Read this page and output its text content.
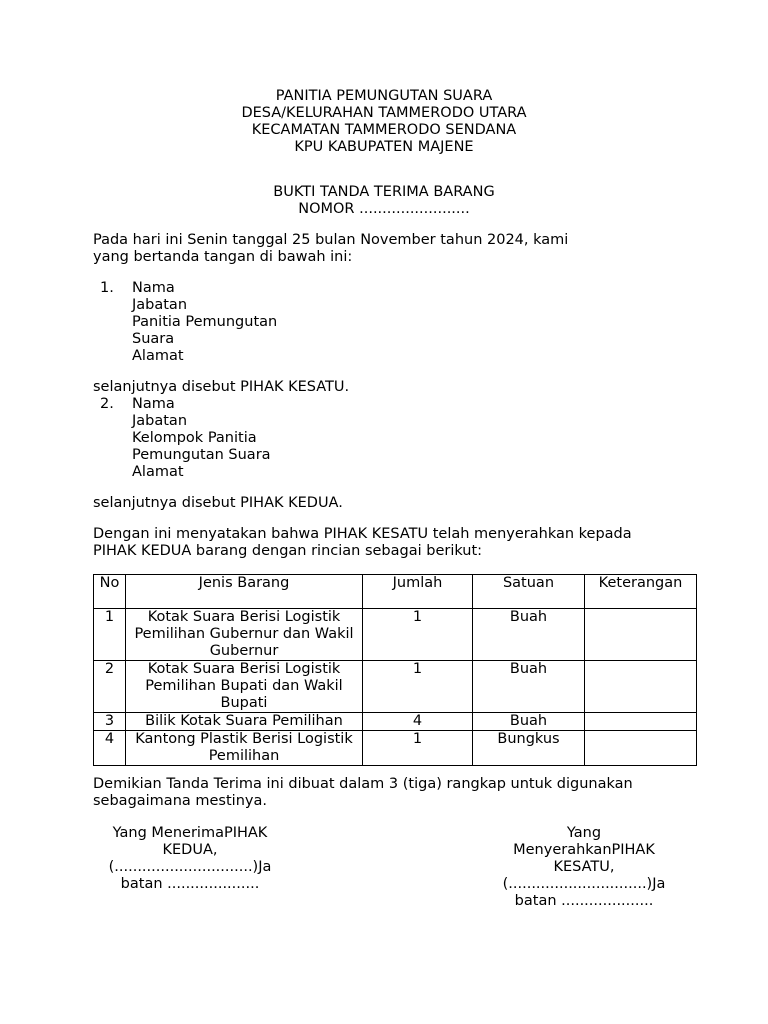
PANITIA PEMUNGUTAN SUARA
DESA/KELURAHAN TAMMERODO UTARA
KECAMATAN TAMMERODO SENDANA
KPU KABUPATEN MAJENE
BUKTI TANDA TERIMA BARANG
NOMOR ........................
Pada hari ini Senin tanggal 25 bulan November tahun 2024, kami
yang bertanda tangan di bawah ini:
1. Nama
Jabatan
Panitia Pemungutan
Suara
Alamat
selanjutnya disebut PIHAK KESATU.
2. Nama
Jabatan
Kelompok Panitia
Pemungutan Suara
Alamat
selanjutnya disebut PIHAK KEDUA.
Dengan ini menyatakan bahwa PIHAK KESATU telah menyerahkan kepada
PIHAK KEDUA barang dengan rincian sebagai berikut:
No	Jenis Barang	Jumlah	Satuan	Keterangan
1	Kotak Suara Berisi Logistik Pemilihan Gubernur dan Wakil Gubernur	1	Buah	
2	Kotak Suara Berisi Logistik Pemilihan Bupati dan Wakil Bupati	1	Buah	
3	Bilik Kotak Suara Pemilihan	4	Buah	
4	Kantong Plastik Berisi Logistik Pemilihan	1	Bungkus	
Demikian Tanda Terima ini dibuat dalam 3 (tiga) rangkap untuk digunakan
sebagaimana mestinya.
Yang MenerimaPIHAK
KEDUA,
(..............................)Ja
batan ....................
Yang
MenyerahkanPIHAK
KESATU,
(..............................)Ja
batan ....................
